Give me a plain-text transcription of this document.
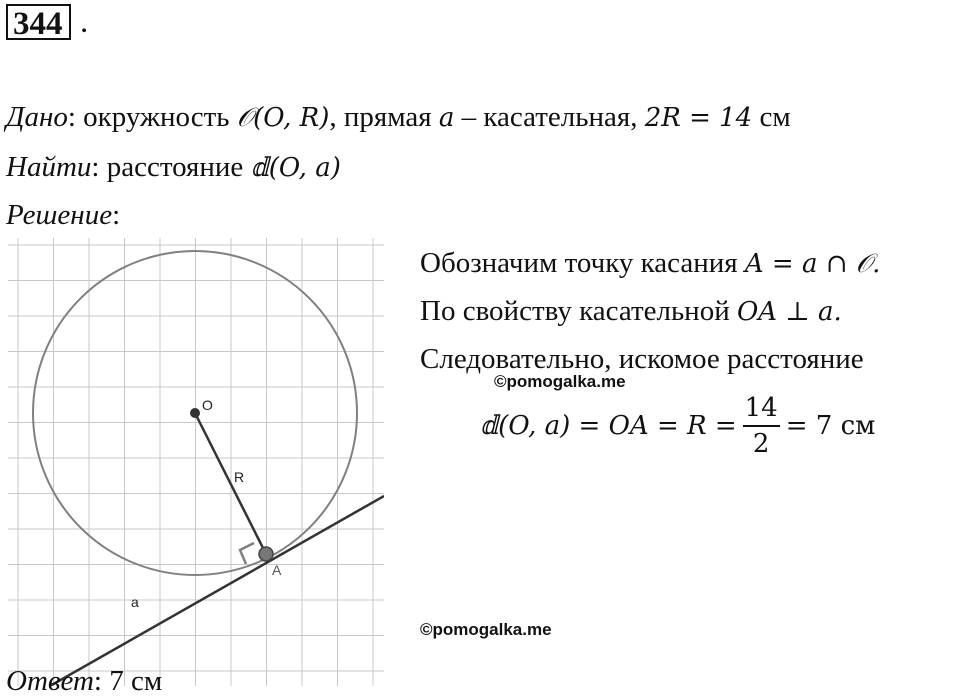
344 .
Дано: окружность 𝒪(O, R), прямая a – касательная, 2R = 14 см
Найти: расстояние 𝕕(O, a)
Решение:
O
R
A
a
Обозначим точку касания A = a ∩ 𝒪.
По свойству касательной OA ⊥ a.
Следовательно, искомое расстояние
©pomogalka.me
𝕕(O, a) = OA = $R = \frac{14}{2} = 7$ см
©pomogalka.me
Ответ: 7 см
